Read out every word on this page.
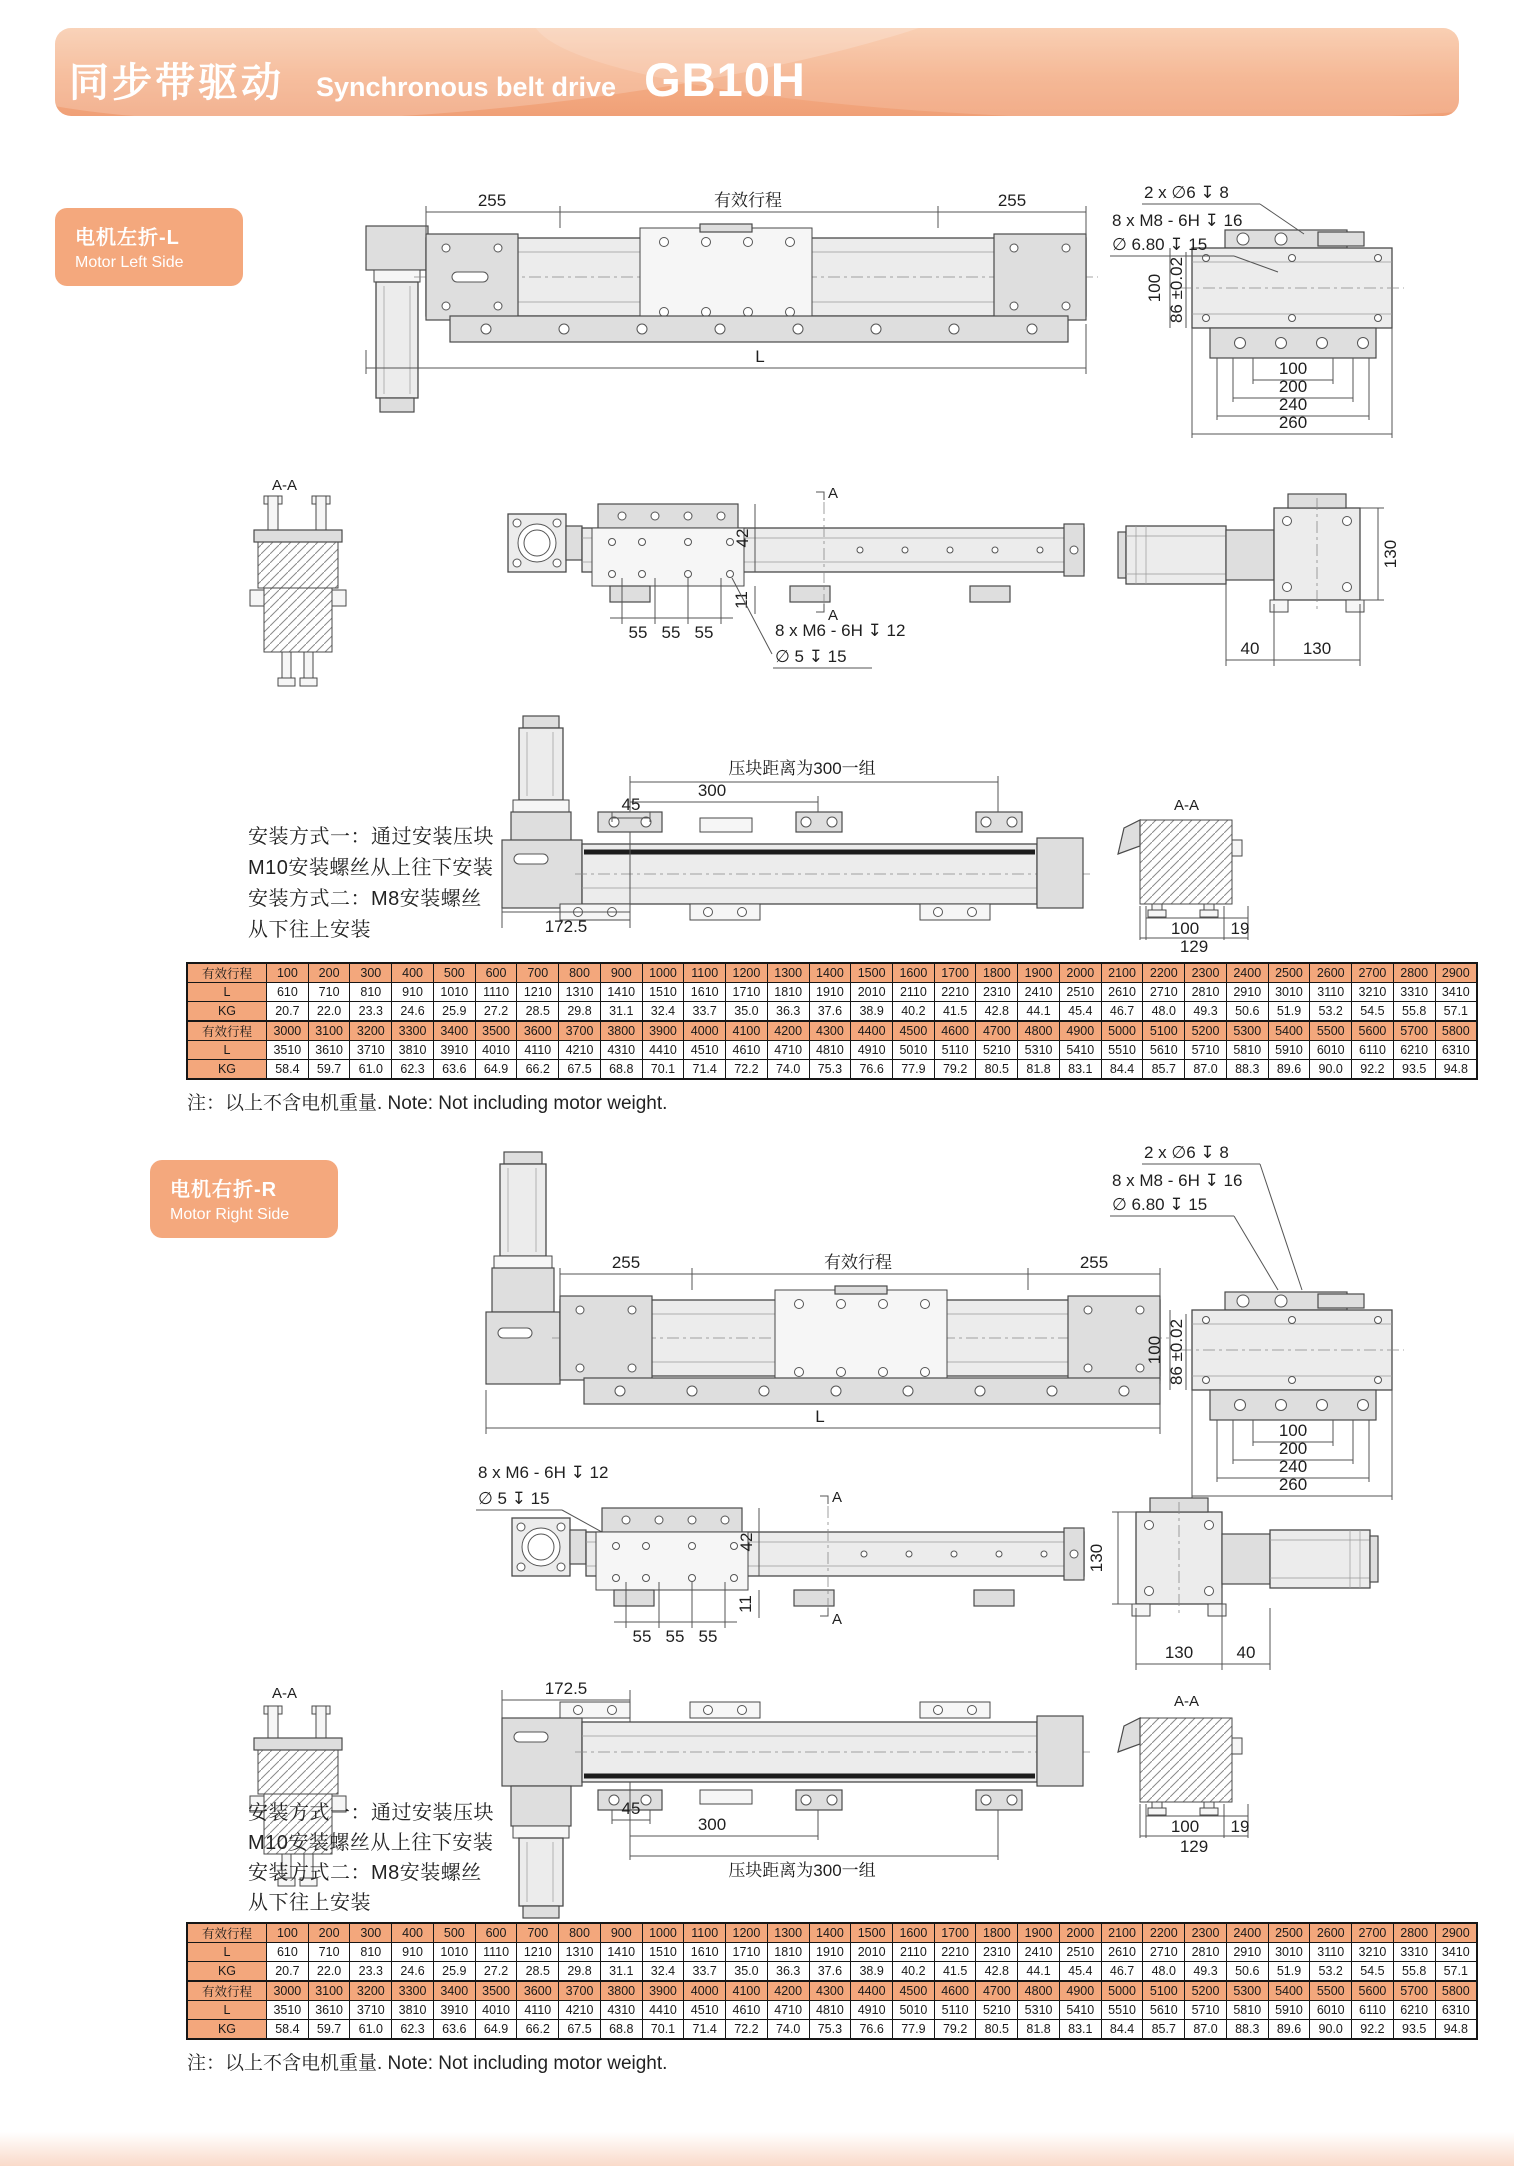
同步带驱动 Synchronous belt drive GB10H
电机左折-L
Motor Left Side
255	有效行程	255
L
100
200
240
260
100 86 ±0.02
2 x ∅6 ↧ 8
8 x M8 - 6H ↧ 16
∅ 6.80 ↧ 15
A-A
42
11
55 55 55
A
A
8 x M6 - 6H ↧ 12
∅ 5 ↧ 15
130
40	130
压块距离为300一组
300
45
172.5
A-A
100 19
129
安装方式一：通过安装压块
M10安装螺丝从上往下安装
安装方式二：M8安装螺丝
从下往上安装
有效行程	100	200	300	400	500	600	700	800	900	1000	1100	1200	1300	1400	1500	1600	1700	1800	1900	2000	2100	2200	2300	2400	2500	2600	2700	2800	2900
L	610	710	810	910	1010	1110	1210	1310	1410	1510	1610	1710	1810	1910	2010	2110	2210	2310	2410	2510	2610	2710	2810	2910	3010	3110	3210	3310	3410
KG	20.7	22.0	23.3	24.6	25.9	27.2	28.5	29.8	31.1	32.4	33.7	35.0	36.3	37.6	38.9	40.2	41.5	42.8	44.1	45.4	46.7	48.0	49.3	50.6	51.9	53.2	54.5	55.8	57.1
有效行程	3000	3100	3200	3300	3400	3500	3600	3700	3800	3900	4000	4100	4200	4300	4400	4500	4600	4700	4800	4900	5000	5100	5200	5300	5400	5500	5600	5700	5800
L	3510	3610	3710	3810	3910	4010	4110	4210	4310	4410	4510	4610	4710	4810	4910	5010	5110	5210	5310	5410	5510	5610	5710	5810	5910	6010	6110	6210	6310
KG	58.4	59.7	61.0	62.3	63.6	64.9	66.2	67.5	68.8	70.1	71.4	72.2	74.0	75.3	76.6	77.9	79.2	80.5	81.8	83.1	84.4	85.7	87.0	88.3	89.6	90.0	92.2	93.5	94.8
注：以上不含电机重量. Note: Not including motor weight.
电机右折-R
Motor Right Side
255	有效行程	255
L
100
200
240
260
100 86 ±0.02
2 x ∅6 ↧ 8
8 x M8 - 6H ↧ 16
∅ 6.80 ↧ 15
8 x M6 - 6H ↧ 12
∅ 5 ↧ 15
42
11
55 55 55
A
A
130
130	40
A-A	172.5
45
300
压块距离为300一组
A-A
100 19
129
安装方式一：通过安装压块
M10安装螺丝从上往下安装
安装方式二：M8安装螺丝
从下往上安装
有效行程	100	200	300	400	500	600	700	800	900	1000	1100	1200	1300	1400	1500	1600	1700	1800	1900	2000	2100	2200	2300	2400	2500	2600	2700	2800	2900
L	610	710	810	910	1010	1110	1210	1310	1410	1510	1610	1710	1810	1910	2010	2110	2210	2310	2410	2510	2610	2710	2810	2910	3010	3110	3210	3310	3410
KG	20.7	22.0	23.3	24.6	25.9	27.2	28.5	29.8	31.1	32.4	33.7	35.0	36.3	37.6	38.9	40.2	41.5	42.8	44.1	45.4	46.7	48.0	49.3	50.6	51.9	53.2	54.5	55.8	57.1
有效行程	3000	3100	3200	3300	3400	3500	3600	3700	3800	3900	4000	4100	4200	4300	4400	4500	4600	4700	4800	4900	5000	5100	5200	5300	5400	5500	5600	5700	5800
L	3510	3610	3710	3810	3910	4010	4110	4210	4310	4410	4510	4610	4710	4810	4910	5010	5110	5210	5310	5410	5510	5610	5710	5810	5910	6010	6110	6210	6310
KG	58.4	59.7	61.0	62.3	63.6	64.9	66.2	67.5	68.8	70.1	71.4	72.2	74.0	75.3	76.6	77.9	79.2	80.5	81.8	83.1	84.4	85.7	87.0	88.3	89.6	90.0	92.2	93.5	94.8
注：以上不含电机重量. Note: Not including motor weight.
